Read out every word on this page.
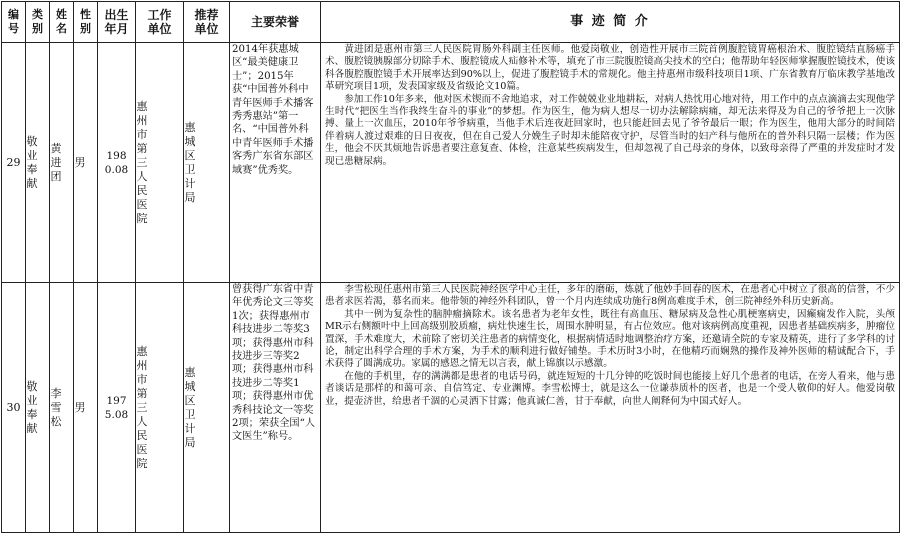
编号	类别	姓名	性别	出生年月	工作单位	推荐单位	主要荣誉	事 迹 简 介
29	敬业奉献	黄进团	男	1980.08	惠州市第三人民医院	惠城区卫计局	2014年获惠城区“最美健康卫士”；2015年获“中国普外科中青年医师手术播客秀秀惠站”第一名、“中国普外科中青年医师手术播客秀广东省东部区域赛”优秀奖。	黄进团是惠州市第三人民医院胃肠外科副主任医师。他爱岗敬业，创造性开展市三院首例腹腔镜胃癌根治术、腹腔镜结直肠癌手术、腹腔镜胰腺部分切除手术、腹腔镜成人疝修补术等，填充了市三院腹腔镜高尖技术的空白；他帮助年轻医师掌握腹腔镜技术，使该科各腹腔腹腔镜手术开展率达到90%以上，促进了腹腔镜手术的常规化。他主持惠州市级科技项目1项、广东省教育厅临床教学基地改革研究项目1项，发表国家级及省级论文10篇。

参加工作10年多来，他对医术锲而不舍地追求，对工作兢兢业业地耕耘，对病人热忱用心地对待，用工作中的点点滴滴去实现他学生时代“把医生当作我终生奋斗的事业”的梦想。作为医生，他为病人想尽一切办法解除病痛，却无法来得及为自己的爷爷把上一次脉搏、量上一次血压，2010年爷爷病重，当他手术后连夜赶回家时，也只能赶回去见了爷爷最后一眼；作为医生，他用大部分的时间陪伴着病人渡过艰难的日日夜夜，但在自己爱人分娩生子时却未能陪夜守护，尽管当时的妇产科与他所在的普外科只隔一层楼；作为医生，他会不厌其烦地告诉患者要注意复查、体检，注意某些疾病发生，但却忽视了自己母亲的身体，以致母亲得了严重的并发症时才发现已患糖尿病。

30	敬业奉献	李雪松	男	1975.08	惠州市第三人民医院	惠城区卫计局	曾获得广东省中青年优秀论文三等奖1次；获得惠州市科技进步二等奖3项；获得惠州市科技进步三等奖2项；获得惠州市科技进步二等奖1项；获得惠州市优秀科技论文一等奖2项；荣获全国“人文医生”称号。	李雪松现任惠州市第三人民医院神经医学中心主任，多年的磨砺，炼就了他妙手回春的医术，在患者心中树立了很高的信誉，不少患者求医若渴，慕名而来。他带领的神经外科团队，曾一个月内连续成功施行8例高难度手术，创三院神经外科历史新高。

其中一例为复杂性的脑肿瘤摘除术。该名患者为老年女性，既往有高血压、糖尿病及急性心肌梗塞病史，因癫痫发作入院，头颅MR示右侧额叶中上回高级别胶质瘤，病灶快速生长，周围水肿明显，有占位效应。他对该病例高度重视，因患者基础疾病多，肿瘤位置深，手术难度大，术前除了密切关注患者的病情变化，根据病情适时地调整治疗方案，还邀请全院的专家及精英，进行了多学科的讨论，制定出科学合理的手术方案，为手术的顺利进行做好铺垫。手术历时3小时，在他精巧而娴熟的操作及神外医师的精诚配合下，手术获得了圆满成功。家属的感恩之情无以言表，献上锦旗以示感激。

在他的手机里，存的满满都是患者的电话号码，就连短短的十几分钟的吃饭时间也能接上好几个患者的电话，在旁人看来，他与患者谈话是那样的和蔼可亲、自信笃定、专业渊博。李雪松博士，就是这么一位谦恭质朴的医者，也是一个受人敬仰的好人。他爱岗敬业，提壶济世，给患者千涸的心灵洒下甘露；他真诚仁善，甘于奉献，向世人阐释何为中国式好人。
